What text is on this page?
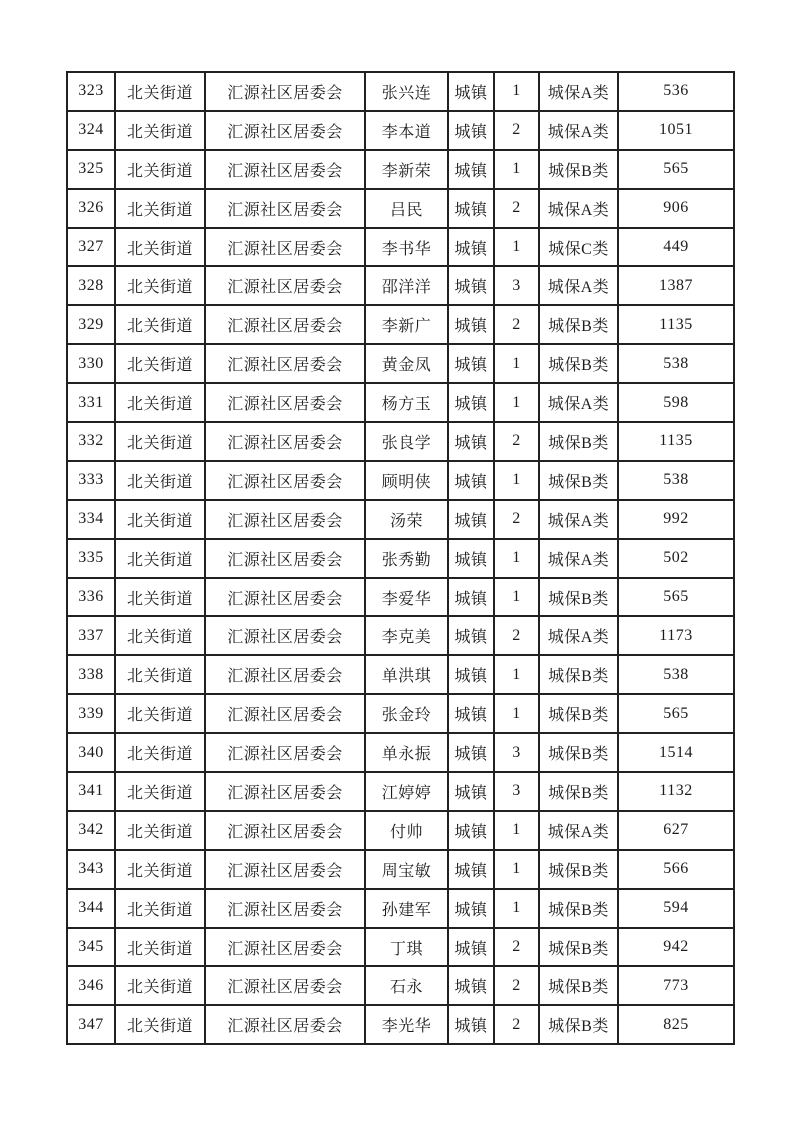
323	北关街道	汇源社区居委会	张兴连	城镇	1	城保A类	536
324	北关街道	汇源社区居委会	李本道	城镇	2	城保A类	1051
325	北关街道	汇源社区居委会	李新荣	城镇	1	城保B类	565
326	北关街道	汇源社区居委会	吕民	城镇	2	城保A类	906
327	北关街道	汇源社区居委会	李书华	城镇	1	城保C类	449
328	北关街道	汇源社区居委会	邵洋洋	城镇	3	城保A类	1387
329	北关街道	汇源社区居委会	李新广	城镇	2	城保B类	1135
330	北关街道	汇源社区居委会	黄金凤	城镇	1	城保B类	538
331	北关街道	汇源社区居委会	杨方玉	城镇	1	城保A类	598
332	北关街道	汇源社区居委会	张良学	城镇	2	城保B类	1135
333	北关街道	汇源社区居委会	顾明侠	城镇	1	城保B类	538
334	北关街道	汇源社区居委会	汤荣	城镇	2	城保A类	992
335	北关街道	汇源社区居委会	张秀勤	城镇	1	城保A类	502
336	北关街道	汇源社区居委会	李爱华	城镇	1	城保B类	565
337	北关街道	汇源社区居委会	李克美	城镇	2	城保A类	1173
338	北关街道	汇源社区居委会	单洪琪	城镇	1	城保B类	538
339	北关街道	汇源社区居委会	张金玲	城镇	1	城保B类	565
340	北关街道	汇源社区居委会	单永振	城镇	3	城保B类	1514
341	北关街道	汇源社区居委会	江婷婷	城镇	3	城保B类	1132
342	北关街道	汇源社区居委会	付帅	城镇	1	城保A类	627
343	北关街道	汇源社区居委会	周宝敏	城镇	1	城保B类	566
344	北关街道	汇源社区居委会	孙建军	城镇	1	城保B类	594
345	北关街道	汇源社区居委会	丁琪	城镇	2	城保B类	942
346	北关街道	汇源社区居委会	石永	城镇	2	城保B类	773
347	北关街道	汇源社区居委会	李光华	城镇	2	城保B类	825
